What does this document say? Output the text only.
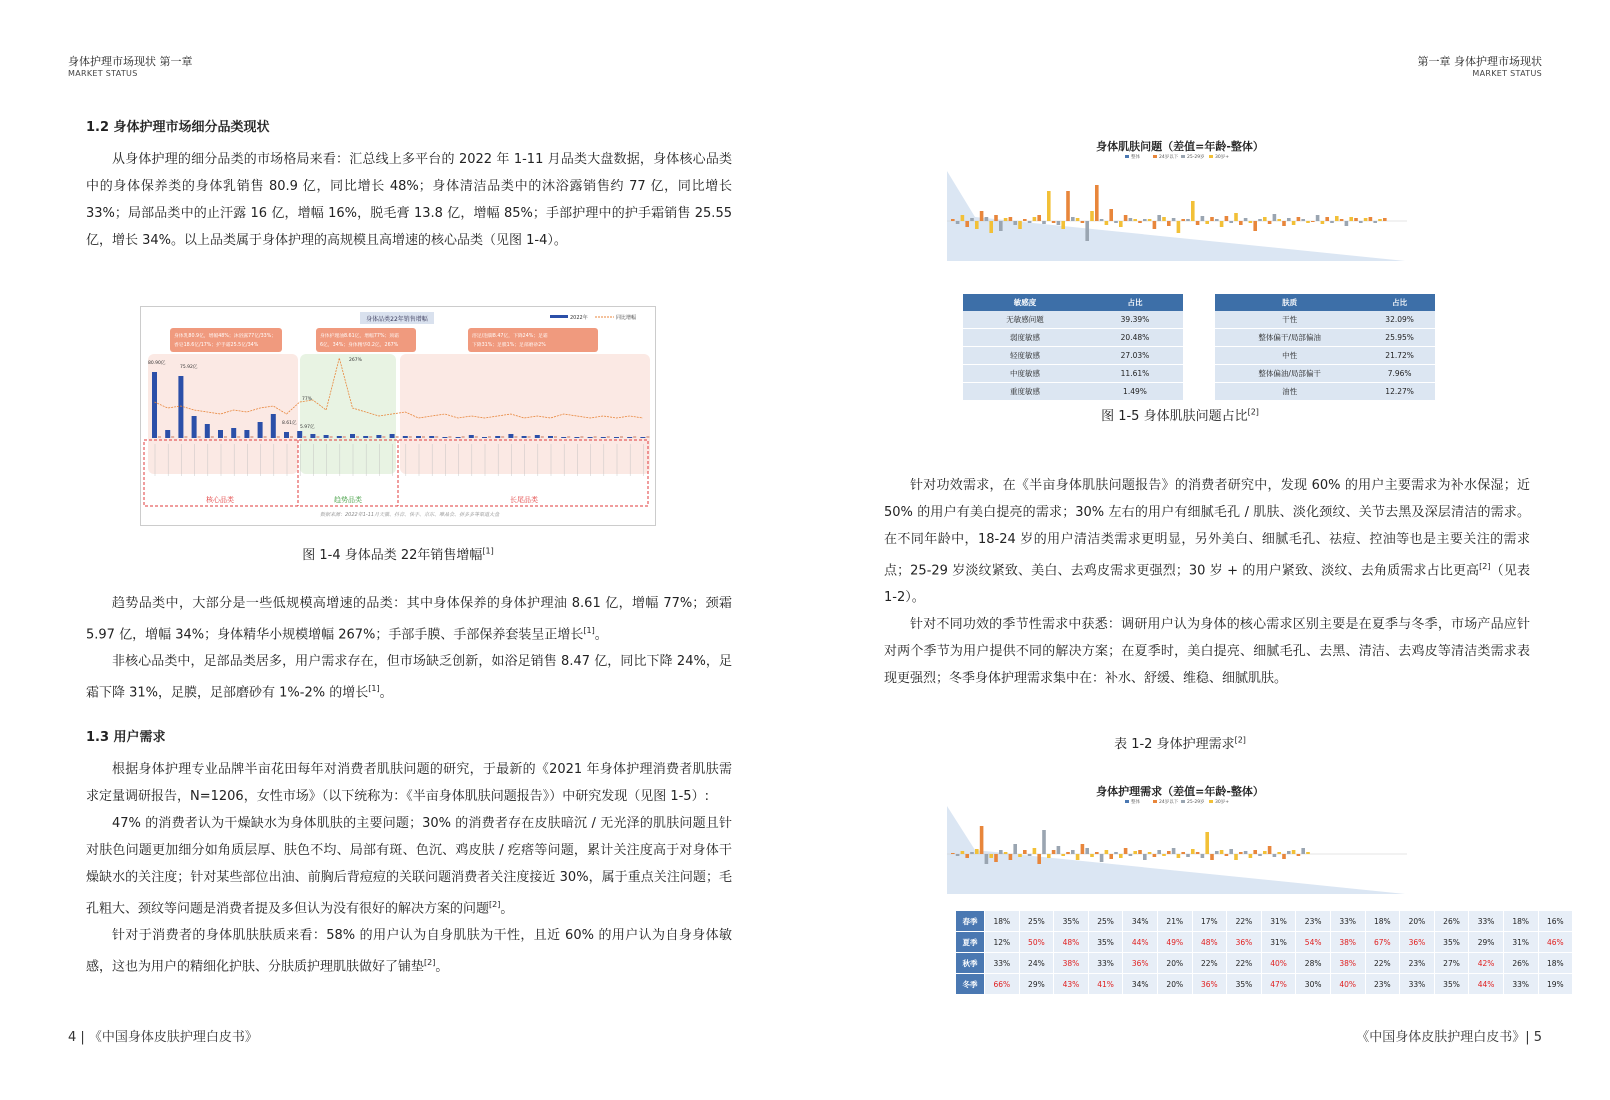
身体护理市场现状 第一章
MARKET STATUS
第一章 身体护理市场现状
MARKET STATUS
1.2 身体护理市场细分品类现状

从身体护理的细分品类的市场格局来看：汇总线上多平台的 2022 年 1-11 月品类大盘数据，身体核心品类中的身体保养类的身体乳销售 80.9 亿，同比增长 48%；身体清洁品类中的沐浴露销售约 77 亿，同比增长 33%；局部品类中的止汗露 16 亿，增幅 16%，脱毛膏 13.8 亿，增幅 85%；手部护理中的护手霜销售 25.55 亿，增长 34%。以上品类属于身体护理的高规模且高增速的核心品类（见图 1-4）。

身体品类22年销售增幅	2022年	同比增幅
身体乳80.9亿，增幅48%；沐浴露77亿/33%；
香皂18.6亿/17%；护手霜25.5亿/34%
身体护理油8.61亿，增幅77%；颈霜
6亿，34%；身体精华0.2亿，267%
浴足/泡脚8.47亿，下降24%；足霜
下降31%；足膜1%；足部磨砂2%
80.90亿
75.92亿
8.61亿
5.97亿
267%
77%
核心品类	趋势品类	长尾品类
数据来源：2022年1-11月天猫、抖音、快手、京东、唯品会、拼多多等渠道大盘
图 1-4 身体品类 22年销售增幅[1]

趋势品类中，大部分是一些低规模高增速的品类：其中身体保养的身体护理油 8.61 亿，增幅 77%；颈霜 5.97 亿，增幅 34%；身体精华小规模增幅 267%；手部手膜、手部保养套装呈正增长[1]。

非核心品类中，足部品类居多，用户需求存在，但市场缺乏创新，如浴足销售 8.47 亿，同比下降 24%，足霜下降 31%，足膜，足部磨砂有 1%-2% 的增长[1]。

1.3 用户需求

根据身体护理专业品牌半亩花田每年对消费者肌肤问题的研究，于最新的《2021 年身体护理消费者肌肤需求定量调研报告，N=1206，女性市场》（以下统称为：《半亩身体肌肤问题报告》）中研究发现（见图 1-5）:

47% 的消费者认为干燥缺水为身体肌肤的主要问题；30% 的消费者存在皮肤暗沉 / 无光泽的肌肤问题且针对肤色问题更加细分如角质层厚、肤色不均、局部有斑、色沉、鸡皮肤 / 疙瘩等问题，累计关注度高于对身体干燥缺水的关注度；针对某些部位出油、前胸后背痘痘的关联问题消费者关注度接近 30%，属于重点关注问题；毛孔粗大、颈纹等问题是消费者提及多但认为没有很好的解决方案的问题[2]。

针对于消费者的身体肌肤肤质来看：58% 的用户认为自身肌肤为干性，且近 60% 的用户认为自身身体敏感，这也为用户的精细化护肤、分肤质护理肌肤做好了铺垫[2]。

身体肌肤问题（差值=年龄-整体）
整体	24岁以下 25-29岁 30岁+
敏感度	占比
无敏感问题	39.39%
弱度敏感	20.48%
轻度敏感	27.03%
中度敏感	11.61%
重度敏感	1.49%
肤质	占比
干性	32.09%
整体偏干/局部偏油	25.95%
中性	21.72%
整体偏油/局部偏干	7.96%
油性	12.27%
图 1-5 身体肌肤问题占比[2]

针对功效需求，在《半亩身体肌肤问题报告》的消费者研究中，发现 60% 的用户主要需求为补水保湿；近 50% 的用户有美白提亮的需求；30% 左右的用户有细腻毛孔 / 肌肤、淡化颈纹、关节去黑及深层清洁的需求。在不同年龄中，18-24 岁的用户清洁类需求更明显，另外美白、细腻毛孔、祛痘、控油等也是主要关注的需求点；25-29 岁淡纹紧致、美白、去鸡皮需求更强烈；30 岁 + 的用户紧致、淡纹、去角质需求占比更高[2]（见表 1-2）。

针对不同功效的季节性需求中获悉：调研用户认为身体的核心需求区别主要是在夏季与冬季，市场产品应针对两个季节为用户提供不同的解决方案；在夏季时，美白提亮、细腻毛孔、去黑、清洁、去鸡皮等清洁类需求表现更强烈；冬季身体护理需求集中在：补水、舒缓、维稳、细腻肌肤。

表 1-2 身体护理需求[2]
身体护理需求（差值=年龄-整体）
整体	24岁以下 25-29岁 30岁+
春季	18%	25%	35%	25%	34%	21%	17%	22%	31%	23%	33%	18%	20%	26%	33%	18%	16%
夏季	12%	50%	48%	35%	44%	49%	48%	36%	31%	54%	38%	67%	36%	35%	29%	31%	46%
秋季	33%	24%	38%	33%	36%	20%	22%	22%	40%	28%	38%	22%	23%	27%	42%	26%	18%
冬季	66%	29%	43%	41%	34%	20%	36%	35%	47%	30%	40%	23%	33%	35%	44%	33%	19%
4 | 《中国身体皮肤护理白皮书》	《中国身体皮肤护理白皮书》| 5
